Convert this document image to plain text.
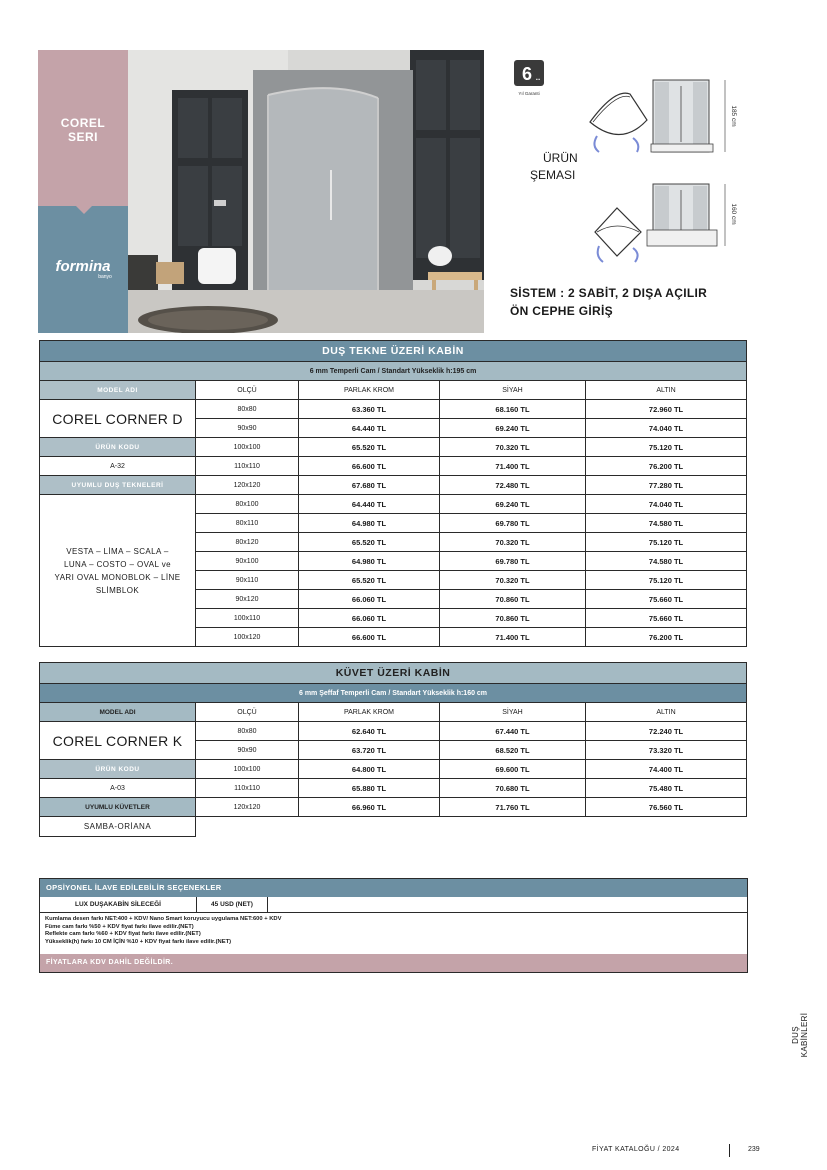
COREL
SERI
formina
banyo
6 ..
Yıl Garanti
ÜRÜN
ŞEMASI
185 cm
160 cm
SİSTEM : 2 SABİT, 2 DIŞA AÇILIR
ÖN CEPHE GİRİŞ
DUŞ TEKNE ÜZERİ KABİN				
6 mm Temperli Cam / Standart Yükseklik h:195 cm				
MODEL ADI	OLÇÜ	PARLAK KROM	SİYAH	ALTIN
COREL CORNER D	80x80	63.360 TL	68.160 TL	72.960 TL
	90x90	64.440 TL	69.240 TL	74.040 TL
ÜRÜN KODU	100x100	65.520 TL	70.320 TL	75.120 TL
A-32	110x110	66.600 TL	71.400 TL	76.200 TL
UYUMLU DUŞ TEKNELERİ	120x120	67.680 TL	72.480 TL	77.280 TL
VESTA – LİMA – SCALA – LUNA – COSTO – OVAL ve YARI OVAL MONOBLOK – LİNE SLİMBLOK	80x100	64.440 TL	69.240 TL	74.040 TL
	80x110	64.980 TL	69.780 TL	74.580 TL
	80x120	65.520 TL	70.320 TL	75.120 TL
	90x100	64.980 TL	69.780 TL	74.580 TL
	90x110	65.520 TL	70.320 TL	75.120 TL
	90x120	66.060 TL	70.860 TL	75.660 TL
	100x110	66.060 TL	70.860 TL	75.660 TL
	100x120	66.600 TL	71.400 TL	76.200 TL
KÜVET ÜZERİ KABİN				
6 mm Şeffaf Temperli Cam / Standart Yükseklik h:160 cm				
MODEL ADI	OLÇÜ	PARLAK KROM	SİYAH	ALTIN
COREL CORNER K	80x80	62.640 TL	67.440 TL	72.240 TL
	90x90	63.720 TL	68.520 TL	73.320 TL
ÜRÜN KODU	100x100	64.800 TL	69.600 TL	74.400 TL
A-03	110x110	65.880 TL	70.680 TL	75.480 TL
UYUMLU KÜVETLER	120x120	66.960 TL	71.760 TL	76.560 TL
SAMBA-ORİANA				
OPSİYONEL İLAVE EDİLEBİLİR SEÇENEKLER
LUX DUŞAKABİN SİLECEĞİ	45 USD (NET)
Kumlama desen farkı NET:400 + KDV/ Nano Smart koruyucu uygulama NET:600 + KDV
Füme cam farkı %50 + KDV fiyat farkı ilave edilir.(NET)
Reflekte cam farkı %60 + KDV fiyat farkı ilave edilir.(NET)
Yükseklik(h) farkı 10 CM İÇİN %10 + KDV fiyat farkı ilave edilir.(NET)
FİYATLARA KDV DAHİL DEĞİLDİR.
DUŞ KABİNLERİ
FİYAT KATALOĞU / 2024	239
